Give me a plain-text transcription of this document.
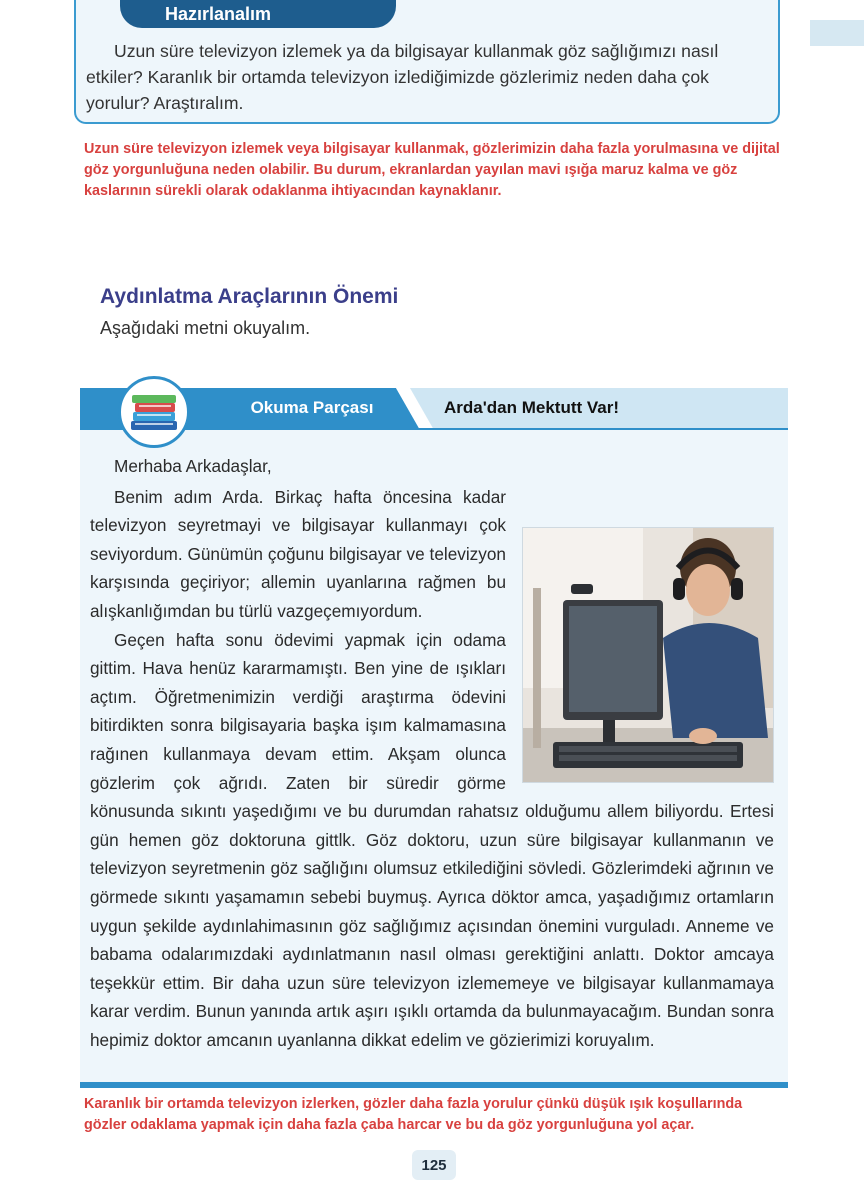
Hazırlanalım

Uzun süre televizyon izlemek ya da bilgisayar kullanmak göz sağlığımızı nasıl etkiler? Karanlık bir ortamda televizyon izlediğimizde gözlerimiz neden daha çok yorulur? Araştıralım.

Uzun süre televizyon izlemek veya bilgisayar kullanmak, gözlerimizin daha fazla yorulmasına ve dijital göz yorgunluğuna neden olabilir. Bu durum, ekranlardan yayılan mavi ışığa maruz kalma ve göz kaslarının sürekli olarak odaklanma ihtiyacından kaynaklanır.

Aydınlatma Araçlarının Önemi

Aşağıdaki metni okuyalım.

Okuma Parçası	Arda'dan Mektutt Var!

Merhaba Arkadaşlar,

Benim adım Arda. Birkaç hafta öncesina kadar televizyon seyretmayi ve bilgisayar kullanmayı çok seviyordum. Günümün çoğunu bilgisayar ve televizyon karşısında geçiriyor; allemin uyanlarına rağmen bu alışkanlığımdan bu türlü vazgeçemıyordum.

Geçen hafta sonu ödevimi yapmak için odama gittim. Hava henüz kararmamıştı. Ben yine de ışıkları açtım. Öğretmenimizin verdiği araştırma ödevini bitirdikten sonra bilgisayaria başka işım kalmamasına rağınen kullanmaya devam ettim. Akşam olunca gözlerim çok ağrıdı. Zaten bir süredir görme könusunda sıkıntı yaşedığımı ve bu durumdan rahatsız olduğumu allem biliyordu. Ertesi gün hemen göz doktoruna gittlk. Göz doktoru, uzun süre bilgisayar kullanmanın ve televizyon seyretmenin göz sağlığını olumsuz etkilediğini sövledi. Gözlerimdeki ağrının ve görmede sıkıntı yaşamamın sebebi buymuş. Ayrıca döktor amca, yaşadığımız ortamların uygun şekilde aydınlahimasının göz sağlığımız açısından önemini vurguladı. Anneme ve babama odalarımızdaki aydınlatmanın nasıl olması gerektiğini anlattı. Doktor amcaya teşekkür ettim. Bir daha uzun süre televizyon izlememeye ve bilgisayar kullanmamaya karar verdim. Bunun yanında artık aşırı ışıklı ortamda da bulunmayacağım. Bundan sonra hepimiz doktor amcanın uyanlanna dikkat edelim ve gözierimizi koruyalım.

Karanlık bir ortamda televizyon izlerken, gözler daha fazla yorulur çünkü düşük ışık koşullarında gözler odaklama yapmak için daha fazla çaba harcar ve bu da göz yorgunluğuna yol açar.

125
